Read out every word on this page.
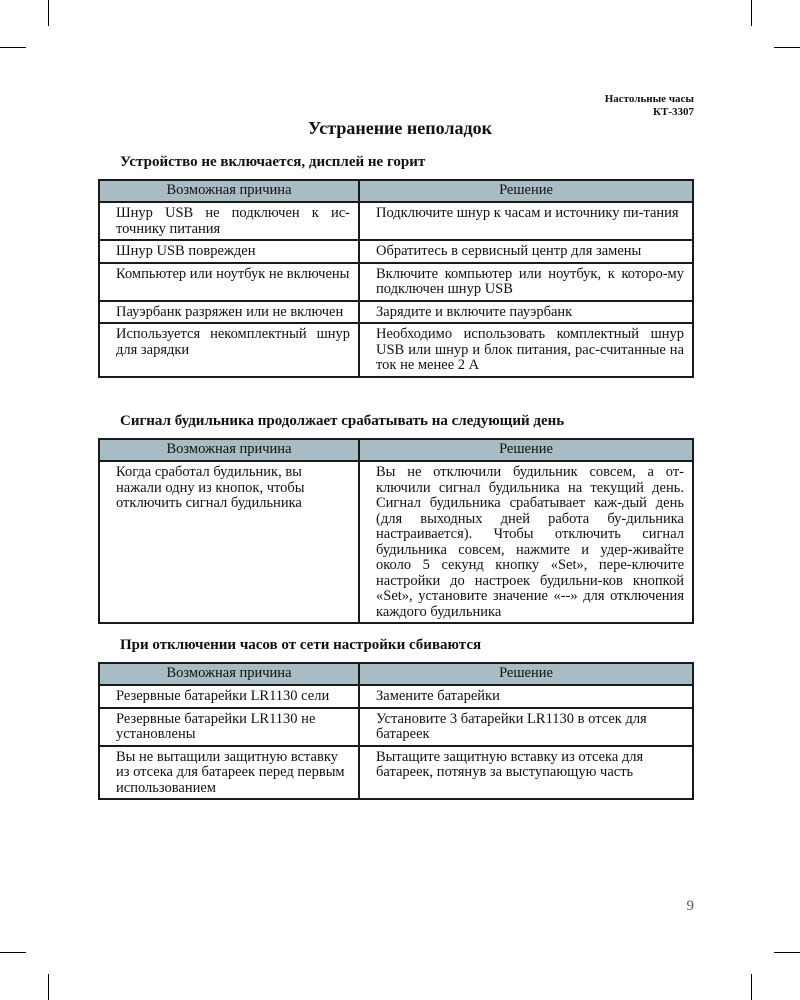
Настольные часы
КТ-3307
Устранение неполадок
Устройство не включается, дисплей не горит
Возможная причина	Решение
Шнур USB не подключен к ис-точнику питания	Подключите шнур к часам и источнику пи-тания
Шнур USB поврежден	Обратитесь в сервисный центр для замены
Компьютер или ноутбук не включены	Включите компьютер или ноутбук, к которо-му подключен шнур USB
Пауэрбанк разряжен или не включен	Зарядите и включите пауэрбанк
Используется некомплектный шнур для зарядки	Необходимо использовать комплектный шнур USB или шнур и блок питания, рас-считанные на ток не менее 2 А
Сигнал будильника продолжает срабатывать на следующий день
Возможная причина	Решение
Когда сработал будильник, вы нажали одну из кнопок, чтобы отключить сигнал будильника	Вы не отключили будильник совсем, а от-ключили сигнал будильника на текущий день. Сигнал будильника срабатывает каж-дый день (для выходных дней работа бу-дильника настраивается). Чтобы отключить сигнал будильника совсем, нажмите и удер-живайте около 5 секунд кнопку «Set», пере-ключите настройки до настроек будильни-ков кнопкой «Set», установите значение «--» для отключения каждого будильника
При отключении часов от сети настройки сбиваются
Возможная причина	Решение
Резервные батарейки LR1130 сели	Замените батарейки
Резервные батарейки LR1130 не установлены	Установите 3 батарейки LR1130 в отсек для батареек
Вы не вытащили защитную вставку из отсека для батареек перед первым использованием	Вытащите защитную вставку из отсека для батареек, потянув за выступающую часть
9
